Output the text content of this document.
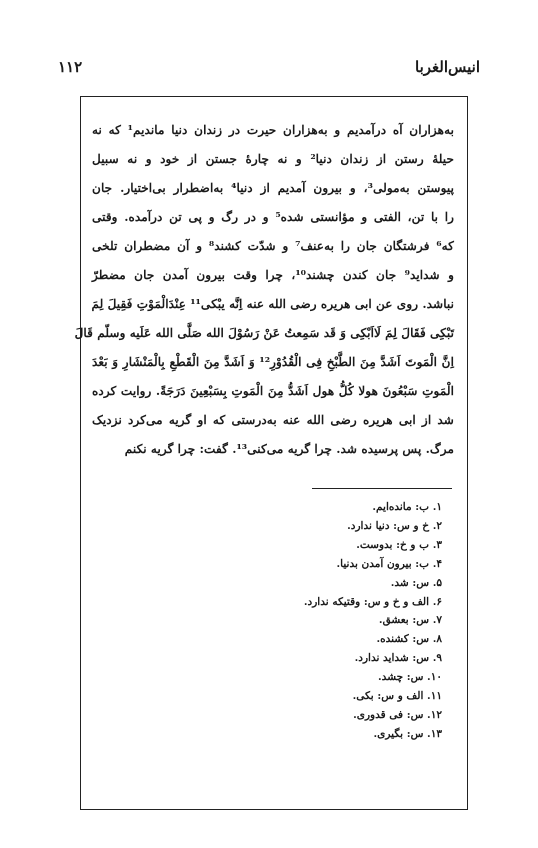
انیس‌الغربا
۱۱۲
به‌هزاران آه درآمدیم و به‌هزاران حیرت در زندان دنیا ماندیم¹ که نه
حیلهٔ رستن از زندان دنیا² و نه چارهٔ جستن از خود و نه سبیل
پیوستن به‌مولی³، و بیرون آمدیم از دنیا⁴ به‌اضطرار بی‌اختیار. جان
را با تن، الفتی و مؤانستی شده⁵ و در رگ و پی تن درآمده. وقتی
که⁶ فرشتگان جان را به‌عنف⁷ و شدّت کشند⁸ و آن مضطران تلخی
و شداید⁹ جان کندن چشند¹⁰، چرا وقت بیرون آمدن جان مضطرّ
نباشد. روی عن ابی هریره رضی الله عنه اِنَّه یبْکی¹¹ عِنْدَالْمَوْتِ فَقِیلَ لِمَ
تَبْکِی فَقَالَ لِمَ لَااَبْکِی وَ قَد سَمِعتُ عَنْ رَسُوْلَ الله صَلَّی الله عَلَیه وسلّم قَالَ
اِنَّ الْمَوتَ اَشَدَّ مِنَ الطَّبْخِ فِی الْقُدُوْرِ¹² وَ اَشَدَّ مِنَ الْقَطْعِ بِالْمَنْشَارِ وَ بَعْدَ
الْمَوتِ سَبْعُونَ هو‌لا کُلُّ هول اَشَدُّ مِنَ الْمَوتِ بِسَبْعِینَ دَرَجَةً. روایت کرده
شد از ابی هریره رضی الله عنه به‌درستی که او گریه می‌کرد نزدیک
مرگ. پس پرسیده شد. چرا گریه می‌کنی¹³. گفت: چرا گریه نکنم
۱. ب: مانده‌ایم.
۲. خ و س: دنیا ندارد.
۳. ب و خ: بدوست.
۴. ب: بیرون آمدن بدنیا.
۵. س: شد.
۶. الف و خ و س: وقتیکه ندارد.
۷. س: بعشق.
۸. س: کشنده.
۹. س: شداید ندارد.
۱۰. س: چشد.
۱۱. الف و س: بکی.
۱۲. س: فی قدوری.
۱۳. س: بگیری.
